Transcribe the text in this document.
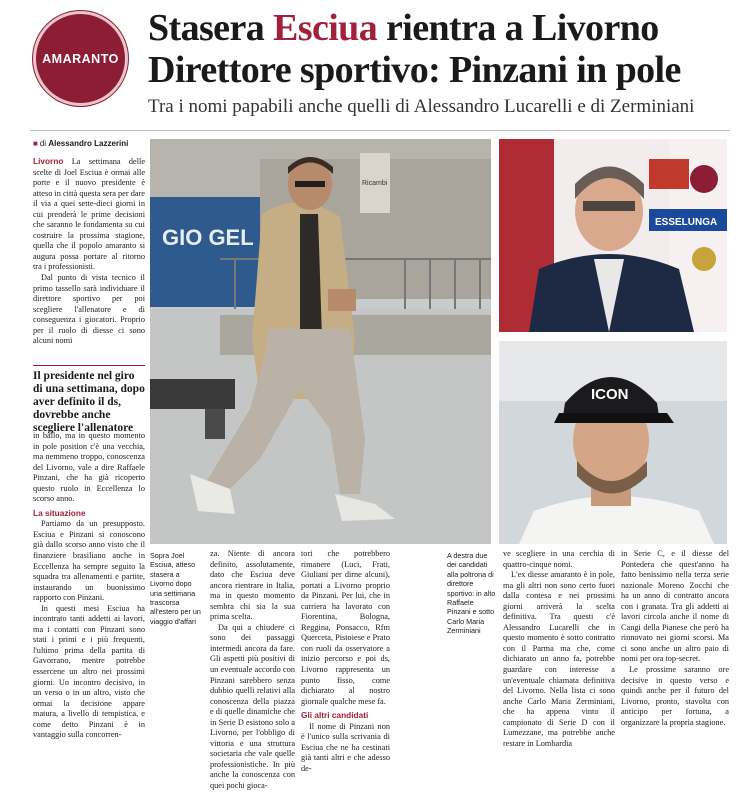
AMARANTO
Stasera Esciua rientra a Livorno
Direttore sportivo: Pinzani in pole
Tra i nomi papabili anche quelli di Alessandro Lucarelli e di Zerminiani
■ di Alessandro Lazzerini

Livorno La settimana delle scelte di Joel Esciua è ormai alle porte e il nuovo presidente è atteso in città questa sera per dare il via a quei sette-dieci giorni in cui prenderà le prime decisioni che saranno le fondamenta su cui costruire la prossima stagione, quella che il popolo amaranto si augura possa portare al ritorno tra i professionisti.

Dal punto di vista tecnico il primo tassello sarà individuare il direttore sportivo per poi scegliere l'allenatore e di conseguenza i giocatori. Proprio per il ruolo di diesse ci sono alcuni nomi

Il presidente nel giro di una settimana, dopo aver definito il ds, dovrebbe anche scegliere l'allenatore

in ballo, ma in questo momento in pole position c'è una vecchia, ma nemmeno troppo, conoscenza del Livorno, vale a dire Raffaele Pinzani, che ha già ricoperto questo ruolo in Eccellenza lo scorso anno.

La situazione

Partiamo da un presupposto. Esciua e Pinzani si conoscono già dallo scorso anno visto che il finanziere brasiliano anche in Eccellenza ha sempre seguito la squadra tra allenamenti e partite, instaurando un buonissimo rapporto con Pinzani.

In questi mesi Esciua ha incontrato tanti addetti ai lavori, ma i contatti con Pinzani sono stati i primi e i più frequenti, l'ultimo prima della partita di Gavorrano, mentre potrebbe essercene un altro nei prossimi giorni. Un incontro decisivo, in un verso o in un altro, visto che ormai la decisione appare matura, a livello di tempistica, e come detto Pinzani è in vantaggio sulla concorren-

GIO GEL
Ricambi
ESSELUNGA
ICON
Sopra Joel Esciua, atteso stasera a Livorno dopo una settimana trascorsa all'estero per un viaggio d'affari

za. Niente di ancora definito, assolutamente, dato che Esciua deve ancora rientrare in Italia, ma in questo momento sembra chi sia la sua prima scelta.

Da qui a chiudere ci sono dei passaggi intermedi ancora da fare. Gli aspetti più positivi di un eventuale accordo con Pinzani sarebbero senza dubbio quelli relativi alla conoscenza della piazza e di quelle dinamiche che in Serie D esistono solo a Livorno, per l'obbligo di vittoria e una struttura societaria che vale quelle professionistiche. In più anche la conoscenza con quei pochi gioca-

tori che potrebbero rimanere (Luci, Frati, Giuliani per dirne alcuni), portati a Livorno proprio da Pinzani. Per lui, che in carriera ha lavorato con Fiorentina, Bologna, Reggina, Ponsacco, Rfm Querceta, Pistoiese e Prato con ruoli da osservatore a inizio percorso e poi ds, Livorno rappresenta un punto fisso, come dichiarato al nostro giornale qualche mese fa.

Gli altri candidati

Il nome di Pinzani non è l'unico sulla scrivania di Esciua che ne ha cestinati già tanti altri e che adesso de-

A destra due dei candidati alla poltrona di direttore sportivo: in alto Raffaele Pinzani e sotto Carlo Maria Zerminiani

ve scegliere in una cerchia di quattro-cinque nomi.

L'ex diesse amaranto è in pole, ma gli altri non sono certo fuori dalla contesa e nei prossimi giorni arriverà la scelta definitiva. Tra questi c'è Alessandro Lucarelli che in questo momento è sotto contratto con il Parma ma che, come dichiarato un anno fa, potrebbe guardare con interesse a un'eventuale chiamata definitiva del Livorno. Nella lista ci sono anche Carlo Maria Zerminiani, che ha appena vinto il campionato di Serie D con il Lumezzane, ma potrebbe anche restare in Lombardia

in Serie C, e il diesse del Pontedera che quest'anno ha fatto benissimo nella terza serie nazionale Moreno Zocchi che ha un anno di contratto ancora con i granata. Tra gli addetti ai lavori circola anche il nome di Cangi della Pianese che però ha rinnovato nei giorni scorsi. Ma ci sono anche un altro paio di nomi per ora top-secret.

Le prossime saranno ore decisive in questo verso e quindi anche per il futuro del Livorno, pronto, stavolta con anticipo per fortuna, a organizzare la propria stagione.
